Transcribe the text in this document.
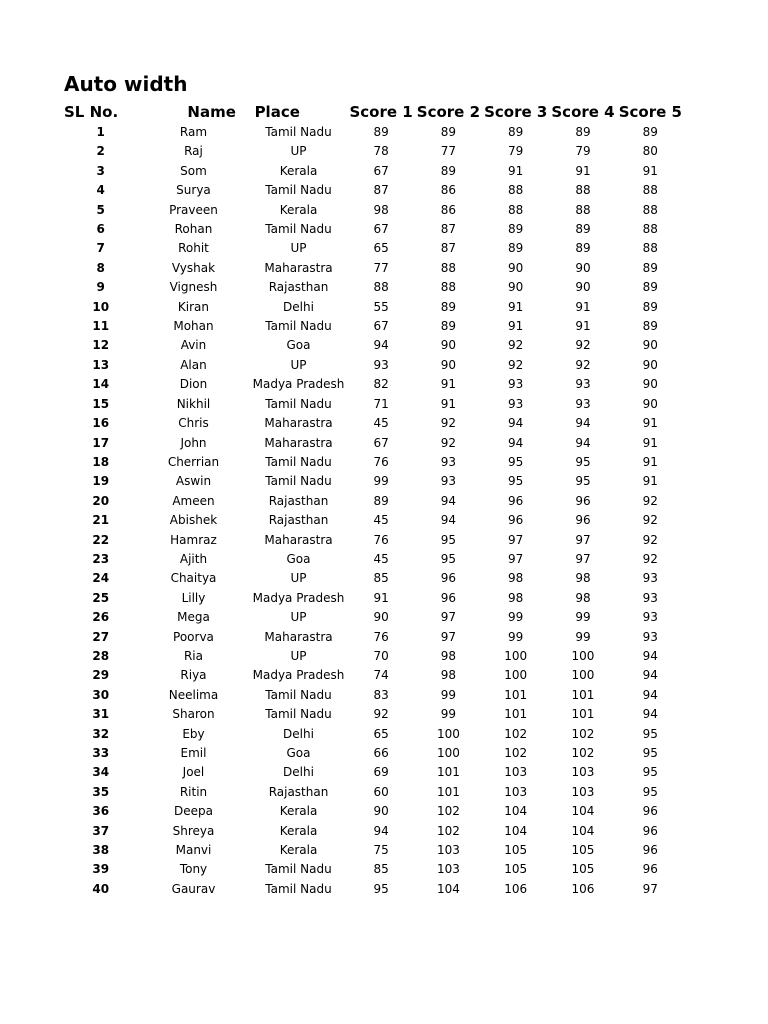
Auto width
SL No.	Name	Place	Score 1	Score 2	Score 3	Score 4	Score 5
1	Ram	Tamil Nadu	89	89	89	89	89
2	Raj	UP	78	77	79	79	80
3	Som	Kerala	67	89	91	91	91
4	Surya	Tamil Nadu	87	86	88	88	88
5	Praveen	Kerala	98	86	88	88	88
6	Rohan	Tamil Nadu	67	87	89	89	88
7	Rohit	UP	65	87	89	89	88
8	Vyshak	Maharastra	77	88	90	90	89
9	Vignesh	Rajasthan	88	88	90	90	89
10	Kiran	Delhi	55	89	91	91	89
11	Mohan	Tamil Nadu	67	89	91	91	89
12	Avin	Goa	94	90	92	92	90
13	Alan	UP	93	90	92	92	90
14	Dion	Madya Pradesh	82	91	93	93	90
15	Nikhil	Tamil Nadu	71	91	93	93	90
16	Chris	Maharastra	45	92	94	94	91
17	John	Maharastra	67	92	94	94	91
18	Cherrian	Tamil Nadu	76	93	95	95	91
19	Aswin	Tamil Nadu	99	93	95	95	91
20	Ameen	Rajasthan	89	94	96	96	92
21	Abishek	Rajasthan	45	94	96	96	92
22	Hamraz	Maharastra	76	95	97	97	92
23	Ajith	Goa	45	95	97	97	92
24	Chaitya	UP	85	96	98	98	93
25	Lilly	Madya Pradesh	91	96	98	98	93
26	Mega	UP	90	97	99	99	93
27	Poorva	Maharastra	76	97	99	99	93
28	Ria	UP	70	98	100	100	94
29	Riya	Madya Pradesh	74	98	100	100	94
30	Neelima	Tamil Nadu	83	99	101	101	94
31	Sharon	Tamil Nadu	92	99	101	101	94
32	Eby	Delhi	65	100	102	102	95
33	Emil	Goa	66	100	102	102	95
34	Joel	Delhi	69	101	103	103	95
35	Ritin	Rajasthan	60	101	103	103	95
36	Deepa	Kerala	90	102	104	104	96
37	Shreya	Kerala	94	102	104	104	96
38	Manvi	Kerala	75	103	105	105	96
39	Tony	Tamil Nadu	85	103	105	105	96
40	Gaurav	Tamil Nadu	95	104	106	106	97
